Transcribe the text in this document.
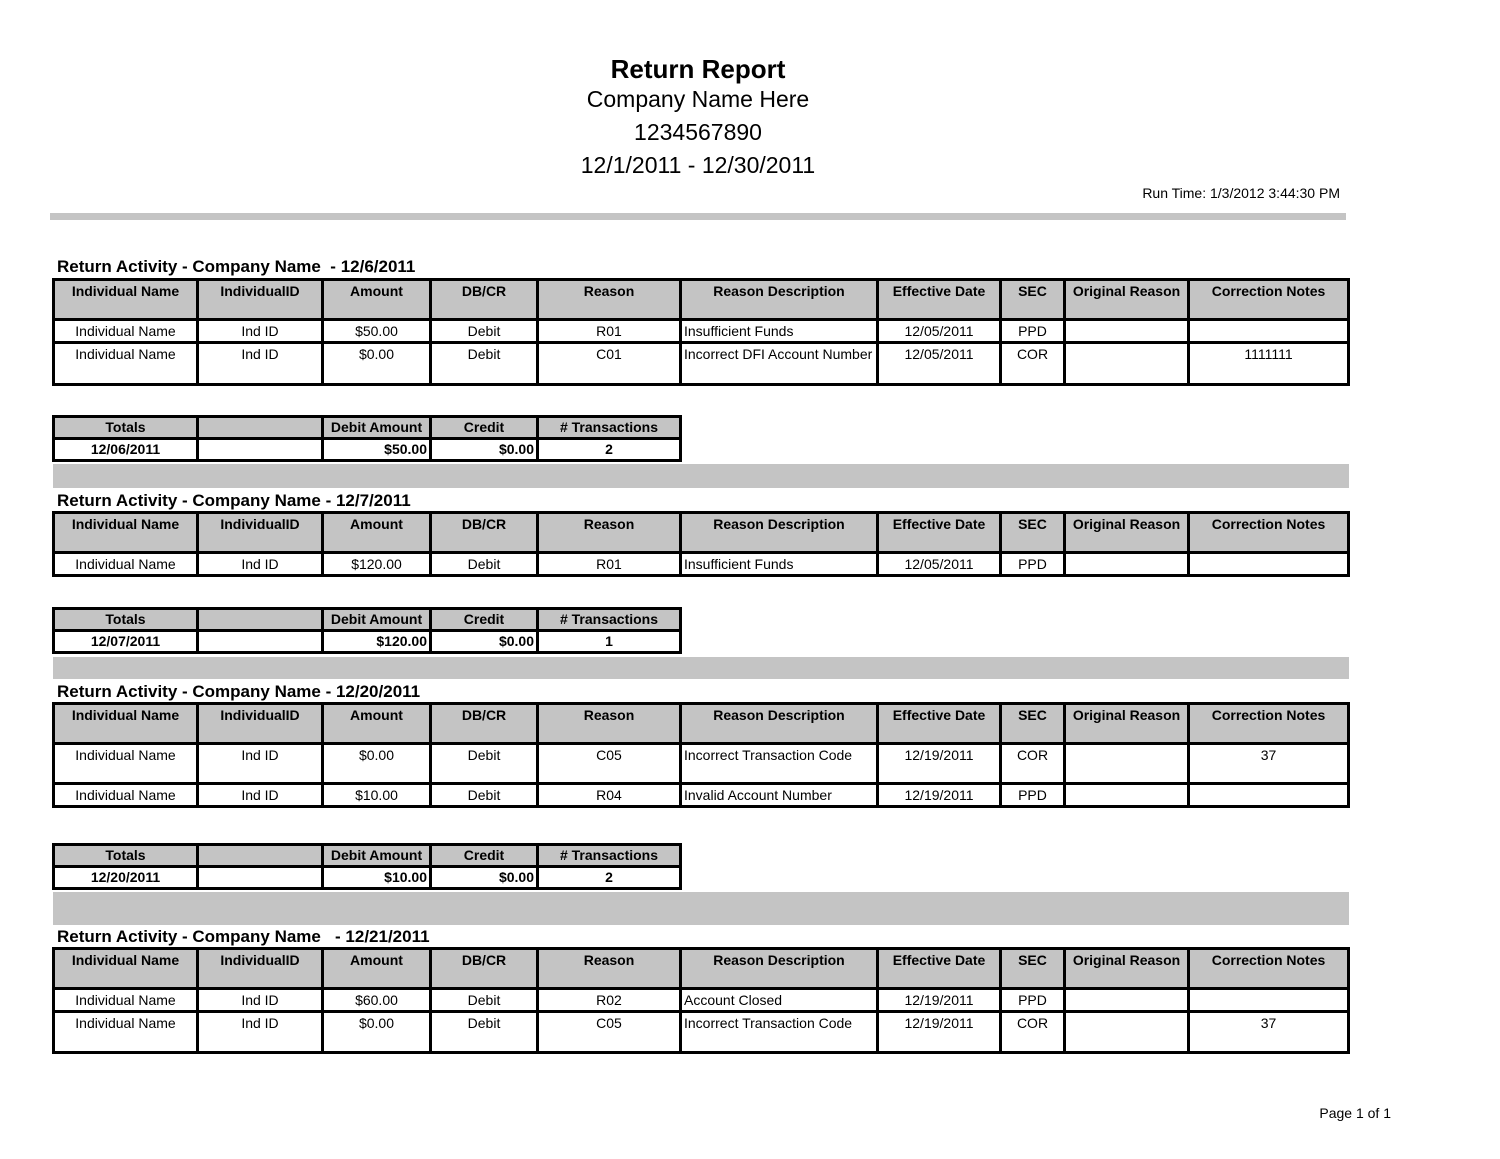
Return Report
Company Name Here
1234567890
12/1/2011 - 12/30/2011
Run Time: 1/3/2012 3:44:30 PM
Return Activity - Company Name  - 12/6/2011
Individual Name	IndividualID	Amount	DB/CR	Reason	Reason Description	Effective Date	SEC	Original Reason	Correction Notes
Individual Name	Ind ID	$50.00	Debit	R01	Insufficient Funds	12/05/2011	PPD		
Individual Name	Ind ID	$0.00	Debit	C01	Incorrect DFI Account Number	12/05/2011	COR		1111111
Totals		Debit Amount	Credit	# Transactions
12/06/2011		$50.00	$0.00	2
Return Activity - Company Name - 12/7/2011
Individual Name	IndividualID	Amount	DB/CR	Reason	Reason Description	Effective Date	SEC	Original Reason	Correction Notes
Individual Name	Ind ID	$120.00	Debit	R01	Insufficient Funds	12/05/2011	PPD		
Totals		Debit Amount	Credit	# Transactions
12/07/2011		$120.00	$0.00	1
Return Activity - Company Name - 12/20/2011
Individual Name	IndividualID	Amount	DB/CR	Reason	Reason Description	Effective Date	SEC	Original Reason	Correction Notes
Individual Name	Ind ID	$0.00	Debit	C05	Incorrect Transaction Code	12/19/2011	COR		37
Individual Name	Ind ID	$10.00	Debit	R04	Invalid Account Number	12/19/2011	PPD		
Totals		Debit Amount	Credit	# Transactions
12/20/2011		$10.00	$0.00	2
Return Activity - Company Name   - 12/21/2011
Individual Name	IndividualID	Amount	DB/CR	Reason	Reason Description	Effective Date	SEC	Original Reason	Correction Notes
Individual Name	Ind ID	$60.00	Debit	R02	Account Closed	12/19/2011	PPD		
Individual Name	Ind ID	$0.00	Debit	C05	Incorrect Transaction Code	12/19/2011	COR		37
Page 1 of 1
